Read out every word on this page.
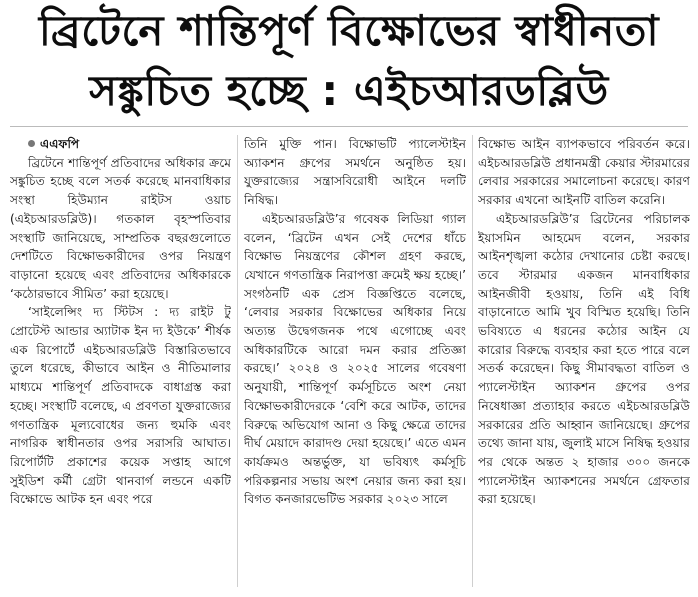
ব্রিটেনে শান্তিপূর্ণ বিক্ষোভের স্বাধীনতা
সঙ্কুচিত হচ্ছে : এইচআরডব্লিউ

এএফপি

ব্রিটেনে শান্তিপূর্ণ প্রতিবাদের অধিকার ক্রমে সঙ্কুচিত হচ্ছে বলে সতর্ক করেছে মানবাধিকার সংস্থা হিউম্যান রাইটস ওয়াচ (এইচআরডব্লিউ)। গতকাল বৃহস্পতিবার সংস্থাটি জানিয়েছে, সাম্প্রতিক বছরগুলোতে দেশটিতে বিক্ষোভকারীদের ওপর নিয়ন্ত্রণ বাড়ানো হয়েছে এবং প্রতিবাদের অধিকারকে ‘কঠোরভাবে সীমিত’ করা হয়েছে।

‘সাইলেন্সিং দ্য স্টিটস : দ্য রাইট টু প্রোটেস্ট আন্ডার অ্যাটাক ইন দ্য ইউকে’ শীর্ষক এক রিপোর্টে এইচআরডব্লিউ বিস্তারিতভাবে তুলে ধরেছে, কীভাবে আইন ও নীতিমালার মাধ্যমে শান্তিপূর্ণ প্রতিবাদকে বাধাগ্রস্ত করা হচ্ছে। সংস্থাটি বলেছে, এ প্রবণতা যুক্তরাজ্যের গণতান্ত্রিক মূল্যবোধের জন্য হুমকি এবং নাগরিক স্বাধীনতার ওপর সরাসরি আঘাত। রিপোর্টটি প্রকাশের কয়েক সপ্তাহ আগে সুইডিশ কর্মী গ্রেটা থানবার্গ লন্ডনে একটি বিক্ষোভে আটক হন এবং পরে

তিনি মুক্তি পান। বিক্ষোভটি প্যালেস্টাইন অ্যাকশন গ্রুপের সমর্থনে অনুষ্ঠিত হয়। যুক্তরাজ্যের সন্ত্রাসবিরোধী আইনে দলটি নিষিদ্ধ।

এইচআরডব্লিউ’র গবেষক লিডিয়া গ্যাল বলেন, ‘ব্রিটেন এখন সেই দেশের ধাঁচে বিক্ষোভ নিয়ন্ত্রণের কৌশল গ্রহণ করছে, যেখানে গণতান্ত্রিক নিরাপত্তা ক্রমেই ক্ষয় হচ্ছে।’ সংগঠনটি এক প্রেস বিজ্ঞপ্তিতে বলেছে, ‘লেবার সরকার বিক্ষোভের অধিকার নিয়ে অত্যন্ত উদ্বেগজনক পথে এগোচ্ছে এবং অধিকারটিকে আরো দমন করার প্রতিজ্ঞা করছে।’ ২০২৪ ও ২০২৫ সালের গবেষণা অনুযায়ী, শান্তিপূর্ণ কর্মসূচিতে অংশ নেয়া বিক্ষোভকারীদেরকে ‘বেশি করে আটক, তাদের বিরুদ্ধে অভিযোগ আনা ও কিছু ক্ষেত্রে তাদের দীর্ঘ মেয়াদে কারাদণ্ড দেয়া হয়েছে।’ এতে এমন কার্যক্রমও অন্তর্ভুক্ত, যা ভবিষ্যৎ কর্মসূচি পরিকল্পনার সভায় অংশ নেয়ার জন্য করা হয়। বিগত কনজারভেটিভ সরকার ২০২৩ সালে

বিক্ষোভ আইন ব্যাপকভাবে পরিবর্তন করে। এইচআরডব্লিউ প্রধানমন্ত্রী কেয়ার স্টারমারের লেবার সরকারের সমালোচনা করেছে। কারণ সরকার এখনো আইনটি বাতিল করেনি।

এইচআরডব্লিউ’র ব্রিটেনের পরিচালক ইয়াসমিন আহমেদ বলেন, সরকার আইনশৃঙ্খলা কঠোর দেখানোর চেষ্টা করছে। তবে স্টারমার একজন মানবাধিকার আইনজীবী হওয়ায়, তিনি এই বিধি বাড়ানোতে আমি খুব বিস্মিত হয়েছি। তিনি ভবিষ্যতে এ ধরনের কঠোর আইন যে কারোর বিরুদ্ধে ব্যবহার করা হতে পারে বলে সতর্ক করেছেন। কিছু সীমাবদ্ধতা বাতিল ও প্যালেস্টাইন অ্যাকশন গ্রুপের ওপর নিষেধাজ্ঞা প্রত্যাহার করতে এইচআরডব্লিউ সরকারের প্রতি আহ্বান জানিয়েছে। গ্রুপের তথ্যে জানা যায়, জুলাই মাসে নিষিদ্ধ হওয়ার পর থেকে অন্তত ২ হাজার ৩০০ জনকে প্যালেস্টাইন অ্যাকশনের সমর্থনে গ্রেফতার করা হয়েছে।
